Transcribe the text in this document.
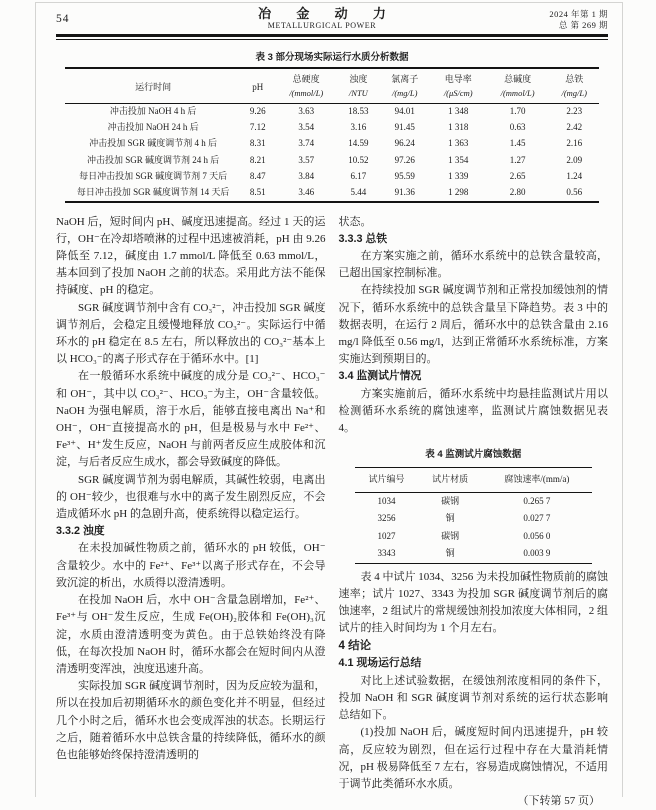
54	冶 金 动 力
METALLURGICAL POWER
2024 年第 1 期
总 第 269 期
表 3 部分现场实际运行水质分析数据
运行时间	pH	总硬度	浊度	氯离子	电导率	总碱度	总铁
		/(mmol/L)	/NTU	/(mg/L)	/(μS/cm)	/(mmol/L)	/(mg/L)
冲击投加 NaOH 4 h 后	9.26	3.63	18.53	94.01	1 348	1.70	2.23
冲击投加 NaOH 24 h 后	7.12	3.54	3.16	91.45	1 318	0.63	2.42
冲击投加 SGR 碱度调节剂 4 h 后	8.31	3.74	14.59	96.24	1 363	1.45	2.16
冲击投加 SGR 碱度调节剂 24 h 后	8.21	3.57	10.52	97.26	1 354	1.27	2.09
每日冲击投加 SGR 碱度调节剂 7 天后	8.47	3.84	6.17	95.59	1 339	2.65	1.24
每日冲击投加 SGR 碱度调节剂 14 天后	8.51	3.46	5.44	91.36	1 298	2.80	0.56

NaOH 后，短时间内 pH、碱度迅速提高。经过 1 天的运行，OH⁻在冷却塔喷淋的过程中迅速被消耗，pH 由 9.26 降低至 7.12，碱度由 1.7 mmol/L 降低至 0.63 mmol/L，基本回到了投加 NaOH 之前的状态。采用此方法不能保持碱度、pH 的稳定。

SGR 碱度调节剂中含有 CO₃²⁻，冲击投加 SGR 碱度调节剂后，会稳定且缓慢地释放 CO₃²⁻。实际运行中循环水的 pH 稳定在 8.5 左右，所以释放出的 CO₃²⁻基本上以 HCO₃⁻的离子形式存在于循环水中。[1]

在一般循环水系统中碱度的成分是 CO₃²⁻、HCO₃⁻和 OH⁻，其中以 CO₃²⁻、HCO₃⁻为主，OH⁻含量较低。NaOH 为强电解质，溶于水后，能够直接电离出 Na⁺和 OH⁻，OH⁻直接提高水的 pH，但是极易与水中 Fe²⁺、Fe³⁺、H⁺发生反应，NaOH 与前两者反应生成胶体和沉淀，与后者反应生成水，都会导致碱度的降低。

SGR 碱度调节剂为弱电解质，其碱性较弱，电离出的 OH⁻较少，也很难与水中的离子发生剧烈反应，不会造成循环水 pH 的急剧升高，使系统得以稳定运行。

3.3.2 浊度

在未投加碱性物质之前，循环水的 pH 较低，OH⁻含量较少。水中的 Fe²⁺、Fe³⁺以离子形式存在，不会导致沉淀的析出，水质得以澄清透明。

在投加 NaOH 后，水中 OH⁻含量急剧增加，Fe²⁺、Fe³⁺与 OH⁻发生反应，生成 Fe(OH)₂胶体和 Fe(OH)₃沉淀，水质由澄清透明变为黄色。由于总铁始终没有降低，在每次投加 NaOH 时，循环水都会在短时间内从澄清透明变浑浊，浊度迅速升高。

实际投加 SGR 碱度调节剂时，因为反应较为温和，所以在投加后初期循环水的颜色变化并不明显，但经过几个小时之后，循环水也会变成浑浊的状态。长期运行之后，随着循环水中总铁含量的持续降低，循环水的颜色也能够始终保持澄清透明的

状态。

3.3.3 总铁

在方案实施之前，循环水系统中的总铁含量较高，已超出国家控制标准。

在持续投加 SGR 碱度调节剂和正常投加缓蚀剂的情况下，循环水系统中的总铁含量呈下降趋势。表 3 中的数据表明，在运行 2 周后，循环水中的总铁含量由 2.16 mg/l 降低至 0.56 mg/l，达到正常循环水系统标准，方案实施达到预期目的。

3.4 监测试片情况

方案实施前后，循环水系统中均悬挂监测试片用以检测循环水系统的腐蚀速率，监测试片腐蚀数据见表 4。

表 4 监测试片腐蚀数据
试片编号	试片材质	腐蚀速率/(mm/a)
1034	碳钢	0.265 7
3256	铜	0.027 7
1027	碳钢	0.056 0
3343	铜	0.003 9

表 4 中试片 1034、3256 为未投加碱性物质前的腐蚀速率；试片 1027、3343 为投加 SGR 碱度调节剂后的腐蚀速率，2 组试片的常规缓蚀剂投加浓度大体相同，2 组试片的挂入时间均为 1 个月左右。

4 结论

4.1 现场运行总结

对比上述试验数据，在缓蚀剂浓度相同的条件下，投加 NaOH 和 SGR 碱度调节剂对系统的运行状态影响总结如下。

(1)投加 NaOH 后，碱度短时间内迅速提升，pH 较高，反应较为剧烈，但在运行过程中存在大量消耗情况，pH 极易降低至 7 左右，容易造成腐蚀情况，不适用于调节此类循环水水质。

（下转第 57 页）
